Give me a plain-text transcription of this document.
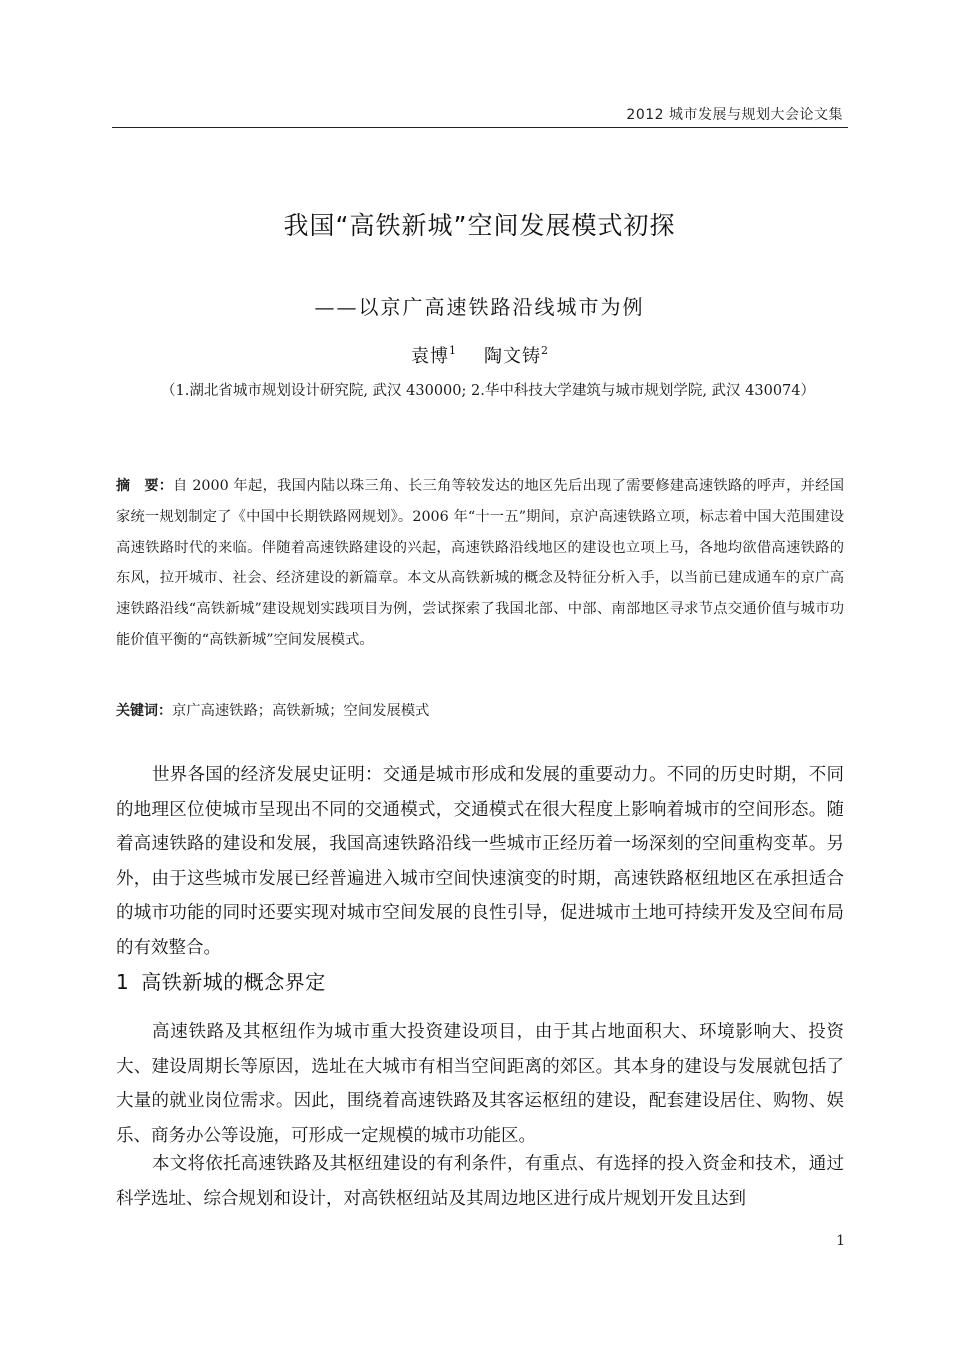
2012 城市发展与规划大会论文集
我国“高铁新城”空间发展模式初探
——以京广高速铁路沿线城市为例
袁博$^1$ 陶文铸$^2$
（1.湖北省城市规划设计研究院, 武汉 430000; 2.华中科技大学建筑与城市规划学院, 武汉 430074）
摘　要：自 2000 年起，我国内陆以珠三角、长三角等较发达的地区先后出现了需要修建高速铁路的呼声，并经国家统一规划制定了《中国中长期铁路网规划》。2006 年“十一五”期间，京沪高速铁路立项，标志着中国大范围建设高速铁路时代的来临。伴随着高速铁路建设的兴起，高速铁路沿线地区的建设也立项上马，各地均欲借高速铁路的东风，拉开城市、社会、经济建设的新篇章。本文从高铁新城的概念及特征分析入手，以当前已建成通车的京广高速铁路沿线“高铁新城”建设规划实践项目为例，尝试探索了我国北部、中部、南部地区寻求节点交通价值与城市功能价值平衡的“高铁新城”空间发展模式。
关键词：京广高速铁路；高铁新城；空间发展模式
世界各国的经济发展史证明：交通是城市形成和发展的重要动力。不同的历史时期，不同的地理区位使城市呈现出不同的交通模式，交通模式在很大程度上影响着城市的空间形态。随着高速铁路的建设和发展，我国高速铁路沿线一些城市正经历着一场深刻的空间重构变革。另外，由于这些城市发展已经普遍进入城市空间快速演变的时期，高速铁路枢纽地区在承担适合的城市功能的同时还要实现对城市空间发展的良性引导，促进城市土地可持续开发及空间布局的有效整合。
1 高铁新城的概念界定
高速铁路及其枢纽作为城市重大投资建设项目，由于其占地面积大、环境影响大、投资大、建设周期长等原因，选址在大城市有相当空间距离的郊区。其本身的建设与发展就包括了大量的就业岗位需求。因此，围绕着高速铁路及其客运枢纽的建设，配套建设居住、购物、娱乐、商务办公等设施，可形成一定规模的城市功能区。
本文将依托高速铁路及其枢纽建设的有利条件，有重点、有选择的投入资金和技术，通过科学选址、综合规划和设计，对高铁枢纽站及其周边地区进行成片规划开发且达到
1
